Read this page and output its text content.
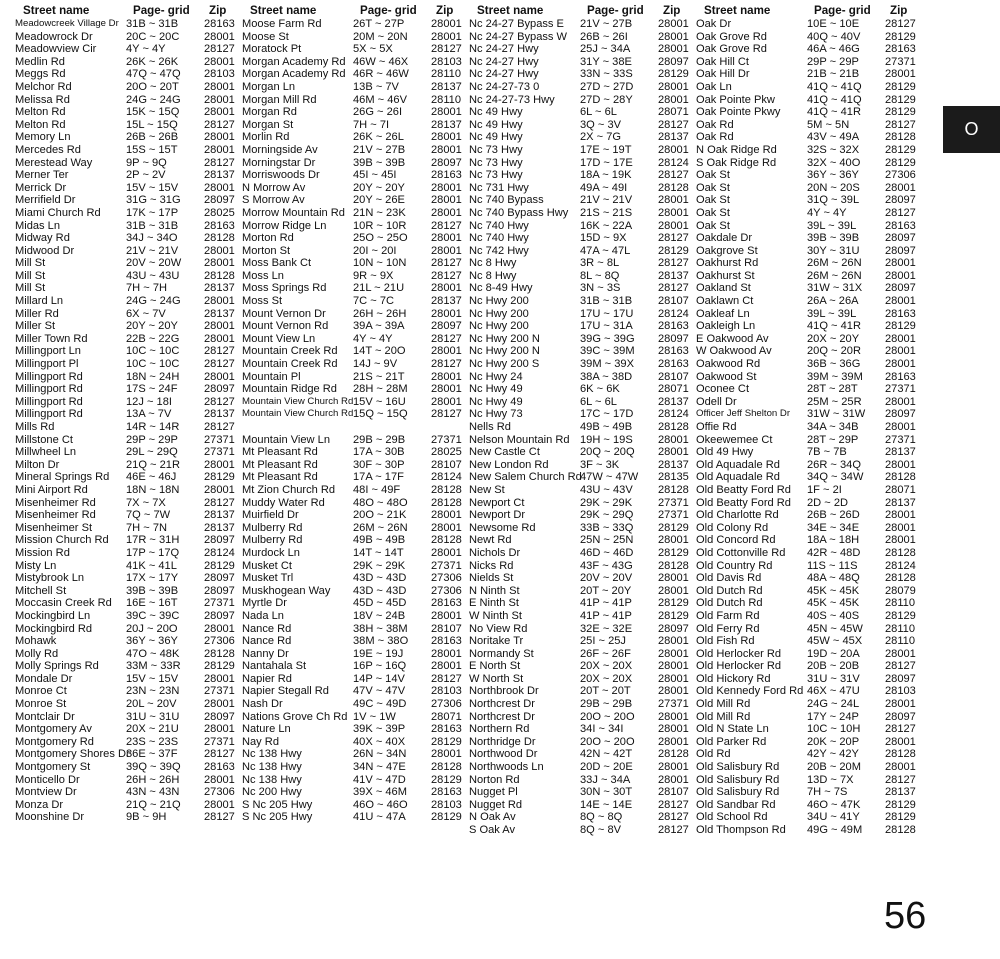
Street name	Page- grid Zip
Meadowcreek Village Dr 31B ~ 31B 28163
Meadowrock Dr	20C ~ 20C 28001
Meadowview Cir	4Y ~ 4Y	28127
Medlin Rd	26K ~ 26K 28001
Meggs Rd	47Q ~ 47Q 28103
Melchor Rd	20O ~ 20T 28001
Melissa Rd	24G ~ 24G 28001
Melton Rd	15K ~ 15Q 28001
Melton Rd	15L ~ 15Q 28127
Memory Ln	26B ~ 26B 28001
Mercedes Rd	15S ~ 15T 28001
Merestead Way	9P ~ 9Q	28127
Merner Ter	2P ~ 2V	28137
Merrick Dr	15V ~ 15V 28001
Merrifield Dr	31G ~ 31G 28097
Miami Church Rd 17K ~ 17P 28025
Midas Ln	31B ~ 31B 28163
Midway Rd	34J ~ 34O 28128
Midwood Dr	21V ~ 21V 28001
Mill St	20V ~ 20W 28001
Mill St	43U ~ 43U 28128
Mill St	7H ~ 7H	28137
Millard Ln	24G ~ 24G 28001
Miller Rd	6X ~ 7V	28137
Miller St	20Y ~ 20Y 28001
Miller Town Rd	22B ~ 22G 28001
Millingport Ln	10C ~ 10C 28127
Millingport Pl	10C ~ 10C 28127
Millingport Rd	18N ~ 24H 28001
Millingport Rd	17S ~ 24F 28097
Millingport Rd	12J ~ 18I	28127
Millingport Rd	13A ~ 7V	28137
Mills Rd	14R ~ 14R 28127
Millstone Ct	29P ~ 29P 27371
Millwheel Ln	29L ~ 29Q 27371
Milton Dr	21Q ~ 21R 28001
Mineral Springs Rd 46E ~ 46J 28129
Mini Airport Rd	18N ~ 18N 28001
Misenheimer Rd	7X ~ 7X	28127
Misenheimer Rd	7Q ~ 7W	28137
Misenheimer St	7H ~ 7N	28137
Mission Church Rd 17R ~ 31H 28097
Mission Rd	17P ~ 17Q 28124
Misty Ln	41K ~ 41L 28129
Mistybrook Ln	17X ~ 17Y 28097
Mitchell St	39B ~ 39B 28097
Moccasin Creek Rd 16E ~ 16T 27371
Mockingbird Ln	39C ~ 39C 28097
Mockingbird Rd	20J ~ 20O 28001
Mohawk	36Y ~ 36Y 27306
Molly Rd	47O ~ 48K 28128
Molly Springs Rd 33M ~ 33R 28129
Mondale Dr	15V ~ 15V 28001
Monroe Ct	23N ~ 23N 27371
Monroe St	20L ~ 20V 28001
Montclair Dr	31U ~ 31U 28097
Montgomery Av	20X ~ 21U 28001
Montgomery Rd	23S ~ 23S 27371
Montgomery Shores Dr
36E ~ 37F 28127
Montgomery St	39Q ~ 39Q 28163
Monticello Dr	26H ~ 26H 28001
Montview Dr	43N ~ 43N 27306
Monza Dr	21Q ~ 21Q 28001
Moonshine Dr	9B ~ 9H	28127
Street name	Page- grid Zip
Moose Farm Rd	26T ~ 27P 28001
Moose St	20M ~ 20N 28001
Moratock Pt	5X ~ 5X	28127
Morgan Academy Rd 46W ~ 46X 28103
Morgan Academy Rd 46R ~ 46W 28110
Morgan Ln	13B ~ 7V	28137
Morgan Mill Rd	46M ~ 46V 28110
Morgan Rd	26G ~ 26I	28001
Morgan St	7H ~ 7I	28137
Morlin Rd	26K ~ 26L 28001
Morningside Av	21V ~ 27B 28001
Morningstar Dr	39B ~ 39B 28097
Morriswoods Dr	45I ~ 45I	28163
N Morrow Av	20Y ~ 20Y 28001
S Morrow Av	20Y ~ 26E 28001
Morrow Mountain Rd 21N ~ 23K 28001
Morrow Ridge Ln 10R ~ 10R 28127
Morton Rd	25O ~ 25O 28001
Morton St	20I ~ 20I	28001
Moss Bank Ct	10N ~ 10N 28127
Moss Ln	9R ~ 9X	28127
Moss Springs Rd 21L ~ 21U 28001
Moss St	7C ~ 7C	28137
Mount Vernon Dr 26H ~ 26H 28001
Mount Vernon Rd 39A ~ 39A 28097
Mount View Ln	4Y ~ 4Y	28127
Mountain Creek Rd 14T ~ 20O 28001
Mountain Creek Rd 14J ~ 9V	28127
Mountain Pl	21S ~ 21T 28001
Mountain Ridge Rd 28H ~ 28M 28001
Mountain View Church Rd 15V ~ 16U 28001
Mountain View Church Rd 15Q ~ 15Q 28127
Mountain View Ln 29B ~ 29B 27371
Mt Pleasant Rd	17A ~ 30B 28025
Mt Pleasant Rd	30F ~ 30P 28107
Mt Pleasant Rd	17A ~ 17F 28124
Mt Zion Church Rd 48I ~ 49F	28128
Muddy Water Rd	48O ~ 48O 28128
Muirfield Dr	20O ~ 21K 28001
Mulberry Rd	26M ~ 26N 28001
Mulberry Rd	49B ~ 49B 28128
Murdock Ln	14T ~ 14T 28001
Musket Ct	29K ~ 29K 27371
Musket Trl	43D ~ 43D 27306
Muskhogean Way 43D ~ 43D 27306
Myrtle Dr	45D ~ 45D 28163
Nada Ln	18V ~ 24B 28001
Nance Rd	38H ~ 38M 28107
Nance Rd	38M ~ 38O 28163
Nanny Dr	19E ~ 19J 28001
Nantahala St	16P ~ 16Q 28001
Napier Rd	14P ~ 14V 28127
Napier Stegall Rd 47V ~ 47V 28103
Nash Dr	49C ~ 49D 27306
Nations Grove Ch Rd 1V ~ 1W	28071
Nature Ln	39K ~ 39P 28163
Nay Rd	40X ~ 40X 28129
Nc 138 Hwy	26N ~ 34N 28001
Nc 138 Hwy	34N ~ 47E 28128
Nc 138 Hwy	41V ~ 47D 28129
Nc 200 Hwy	39X ~ 46M 28163
S Nc 205 Hwy	46O ~ 46O 28103
S Nc 205 Hwy	41U ~ 47A 28129
Street name	Page- grid Zip
Nc 24-27 Bypass E 21V ~ 27B 28001
Nc 24-27 Bypass W 26B ~ 26I	28001
Nc 24-27 Hwy	25J ~ 34A 28001
Nc 24-27 Hwy	31Y ~ 38E 28097
Nc 24-27 Hwy	33N ~ 33S 28129
Nc 24-27-73 0	27D ~ 27D 28001
Nc 24-27-73 Hwy 27D ~ 28Y 28001
Nc 49 Hwy	6L ~ 6L	28071
Nc 49 Hwy	3Q ~ 3V	28127
Nc 49 Hwy	2X ~ 7G	28137
Nc 73 Hwy	17E ~ 19T 28001
Nc 73 Hwy	17D ~ 17E 28124
Nc 73 Hwy	18A ~ 19K 28127
Nc 731 Hwy	49A ~ 49I	28128
Nc 740 Bypass	21V ~ 21V 28001
Nc 740 Bypass Hwy 21S ~ 21S 28001
Nc 740 Hwy	16K ~ 22A 28001
Nc 740 Hwy	15D ~ 9X	28127
Nc 742 Hwy	47A ~ 47L 28129
Nc 8 Hwy	3R ~ 8L	28127
Nc 8 Hwy	8L ~ 8Q	28137
Nc 8-49 Hwy	3N ~ 3S	28127
Nc Hwy 200	31B ~ 31B 28107
Nc Hwy 200	17U ~ 17U 28124
Nc Hwy 200	17U ~ 31A 28163
Nc Hwy 200 N	39G ~ 39G 28097
Nc Hwy 200 N	39C ~ 39M 28163
Nc Hwy 200 S	39M ~ 39X 28163
Nc Hwy 24	38A ~ 38D 28107
Nc Hwy 49	6K ~ 6K	28071
Nc Hwy 49	6L ~ 6L	28137
Nc Hwy 73	17C ~ 17D 28124
Nells Rd	49B ~ 49B 28128
Nelson Mountain Rd 19H ~ 19S 28001
New Castle Ct	20Q ~ 20Q 28001
New London Rd	3F ~ 3K	28137
New Salem Church Rd
47W ~ 47W 28135
New St	43U ~ 43V 28128
Newport Ct	29K ~ 29K 27371
Newport Dr	29K ~ 29Q 27371
Newsome Rd	33B ~ 33Q 28129
Newt Rd	25N ~ 25N 28001
Nichols Dr	46D ~ 46D 28129
Nicks Rd	43F ~ 43G 28128
Nields St	20V ~ 20V 28001
N Ninth St	20T ~ 20Y 28001
E Ninth St	41P ~ 41P 28129
W Ninth St	41P ~ 41P 28129
No View Rd	32E ~ 32E 28097
Noritake Tr	25I ~ 25J	28001
Normandy St	26F ~ 26F 28001
E North St	20X ~ 20X 28001
W North St	20X ~ 20X 28001
Northbrook Dr	20T ~ 20T 28001
Northcrest Dr	29B ~ 29B 27371
Northcrest Dr	20O ~ 20O 28001
Northern Rd	34I ~ 34I	28001
Northridge Dr	20O ~ 20O 28001
Northwood Dr	42N ~ 42T 28128
Northwoods Ln	20D ~ 20E 28001
Norton Rd	33J ~ 34A 28001
Nugget Pl	30N ~ 30T 28107
Nugget Rd	14E ~ 14E 28127
N Oak Av	8Q ~ 8Q	28127
S Oak Av	8Q ~ 8V	28127
Street name	Page- grid Zip
Oak Dr	10E ~ 10E 28127
Oak Grove Rd	40Q ~ 40V 28129
Oak Grove Rd	46A ~ 46G 28163
Oak Hill Ct	29P ~ 29P 27371
Oak Hill Dr	21B ~ 21B 28001
Oak Ln	41Q ~ 41Q 28129
Oak Pointe Pkw	41Q ~ 41Q 28129
Oak Pointe Pkwy 41Q ~ 41R 28129
Oak Rd	5M ~ 5N	28127
Oak Rd	43V ~ 49A 28128
N Oak Ridge Rd	32S ~ 32X 28129
S Oak Ridge Rd	32X ~ 40O 28129
Oak St	36Y ~ 36Y 27306
Oak St	20N ~ 20S 28001
Oak St	31Q ~ 39L 28097
Oak St	4Y ~ 4Y	28127
Oak St	39L ~ 39L	28163
Oakdale Dr	39B ~ 39B 28097
Oakgrove St	30Y ~ 31U 28097
Oakhurst Rd	26M ~ 26N 28001
Oakhurst St	26M ~ 26N 28001
Oakland St	31W ~ 31X 28097
Oaklawn Ct	26A ~ 26A 28001
Oakleaf Ln	39L ~ 39L	28163
Oakleigh Ln	41Q ~ 41R 28129
E Oakwood Av	20X ~ 20Y 28001
W Oakwood Av	20Q ~ 20R 28001
Oakwood Rd	36B ~ 36G 28001
Oakwood St	39M ~ 39M 28163
Oconee Ct	28T ~ 28T 27371
Odell Dr	25M ~ 25R 28001
Officer Jeff Shelton Dr 31W ~ 31W 28097
Offie Rd	34A ~ 34B 28001
Okeewemee Ct	28T ~ 29P 27371
Old 49 Hwy	7B ~ 7B	28137
Old Aquadale Rd 26R ~ 34Q 28001
Old Aquadale Rd 34Q ~ 34W 28128
Old Beatty Ford Rd 1F ~ 2I	28071
Old Beatty Ford Rd 2D ~ 2D	28137
Old Charlotte Rd	26B ~ 26D 28001
Old Colony Rd	34E ~ 34E 28001
Old Concord Rd	18A ~ 18H 28001
Old Cottonville Rd 42R ~ 48D 28128
Old Country Rd	11S ~ 11S 28124
Old Davis Rd	48A ~ 48Q 28128
Old Dutch Rd	45K ~ 45K 28079
Old Dutch Rd	45K ~ 45K 28110
Old Farm Rd	40S ~ 40S 28129
Old Ferry Rd	45N ~ 45W 28110
Old Fish Rd	45W ~ 45X 28110
Old Herlocker Rd 19D ~ 20A 28001
Old Herlocker Rd 20B ~ 20B 28127
Old Hickory Rd	31U ~ 31V 28097
Old Kennedy Ford Rd 46X ~ 47U 28103
Old Mill Rd	24G ~ 24L 28001
Old Mill Rd	17Y ~ 24P 28097
Old N State Ln	10C ~ 10H 28127
Old Parker Rd	20K ~ 20P 28001
Old Rd	42Y ~ 42Y 28128
Old Salisbury Rd	20B ~ 20M 28001
Old Salisbury Rd	13D ~ 7X	28127
Old Salisbury Rd	7H ~ 7S	28137
Old Sandbar Rd	46O ~ 47K 28129
Old School Rd	34U ~ 41Y 28129
Old Thompson Rd 49G ~ 49M 28128
O
56
